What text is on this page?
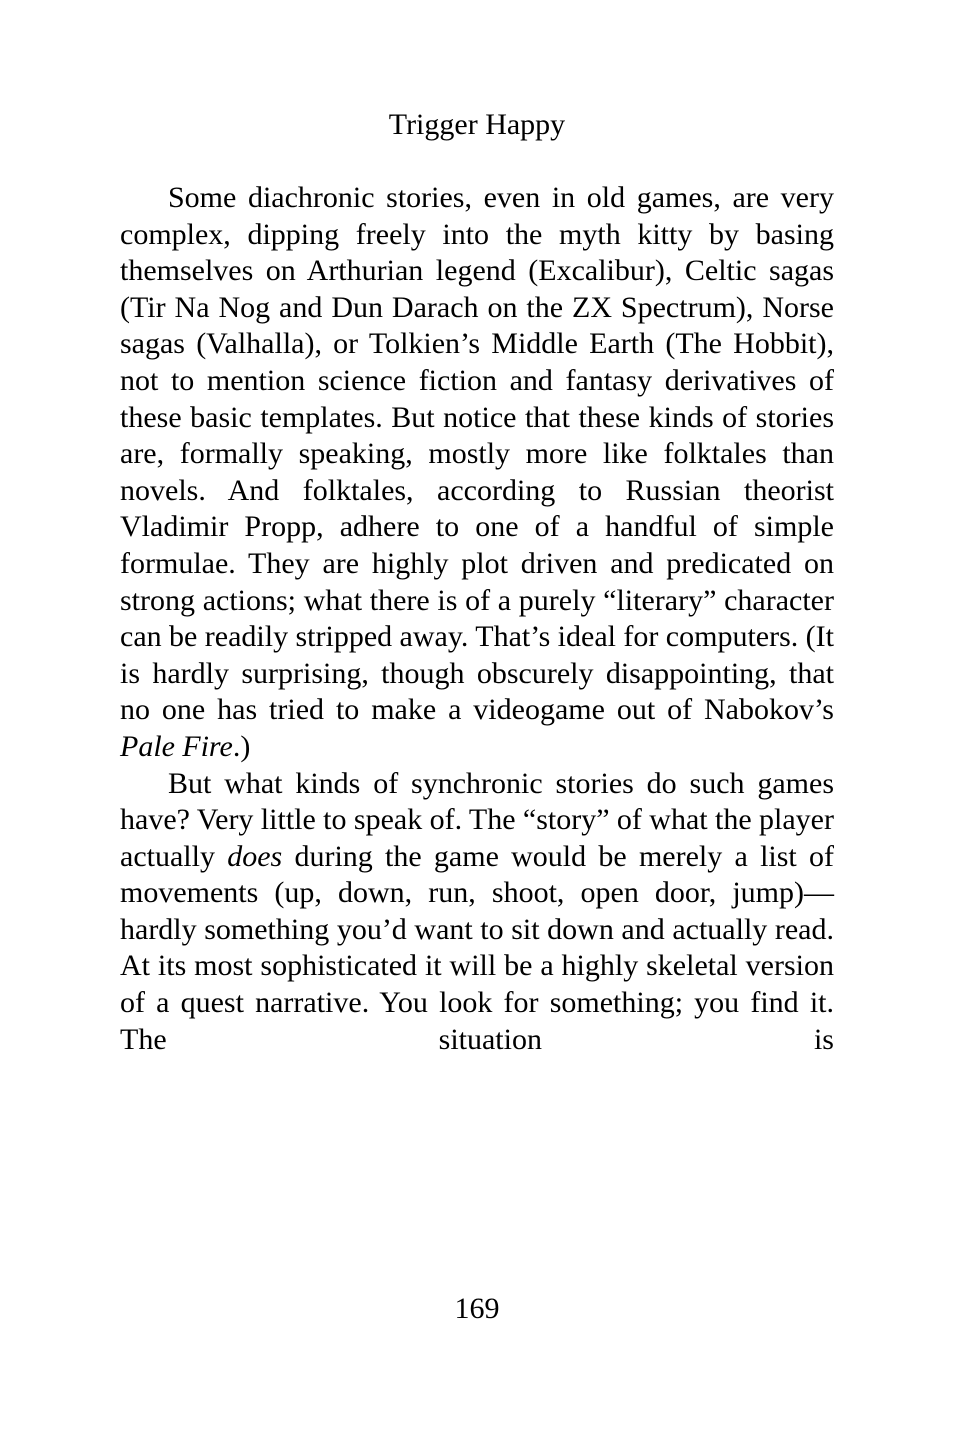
Trigger Happy

Some diachronic stories, even in old games, are very complex, dipping freely into the myth kitty by basing themselves on Arthurian legend (Excalibur), Celtic sagas (Tir Na Nog and Dun Darach on the ZX Spectrum), Norse sagas (Valhalla), or Tolkien’s Middle Earth (The Hobbit), not to mention science fiction and fantasy derivatives of these basic templates. But notice that these kinds of stories are, formally speaking, mostly more like folktales than novels. And folktales, according to Russian theorist Vladimir Propp, adhere to one of a handful of simple formulae. They are highly plot driven and predicated on strong actions; what there is of a purely “literary” character can be readily stripped away. That’s ideal for computers. (It is hardly surprising, though obscurely disappointing, that no one has tried to make a videogame out of Nabokov’s Pale Fire.)

But what kinds of synchronic stories do such games have? Very little to speak of. The “story” of what the player actually does during the game would be merely a list of movements (up, down, run, shoot, open door, jump)—hardly something you’d want to sit down and actually read. At its most sophisticated it will be a highly skeletal version of a quest narrative. You look for something; you find it. The situation is

169
